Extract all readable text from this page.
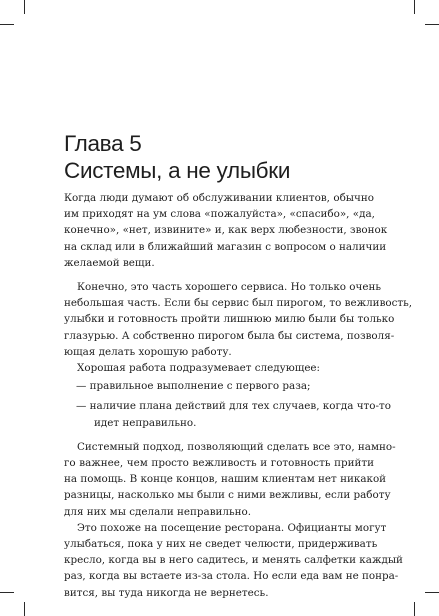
Глава 5
Системы, а не улыбки

Когда люди думают об обслуживании клиентов, обычно
им приходят на ум слова «пожалуйста», «спасибо», «да,
конечно», «нет, извините» и, как верх любезности, звонок
на склад или в ближайший магазин с вопросом о наличии
желаемой вещи.

Конечно, это часть хорошего сервиса. Но только очень
небольшая часть. Если бы сервис был пирогом, то вежливость,
улыбки и готовность пройти лишнюю милю были бы только
глазурью. А собственно пирогом была бы система, позволя-
ющая делать хорошую работу.

Хорошая работа подразумевает следующее:

— правильное выполнение с первого раза;

— наличие плана действий для тех случаев, когда что-то
идет неправильно.

Системный подход, позволяющий сделать все это, намно-
го важнее, чем просто вежливость и готовность прийти
на помощь. В конце концов, нашим клиентам нет никакой
разницы, насколько мы были с ними вежливы, если работу
для них мы сделали неправильно.

Это похоже на посещение ресторана. Официанты могут
улыбаться, пока у них не сведет челюсти, придерживать
кресло, когда вы в него садитесь, и менять салфетки каждый
раз, когда вы встаете из-за стола. Но если еда вам не понра-
вится, вы туда никогда не вернетесь.
